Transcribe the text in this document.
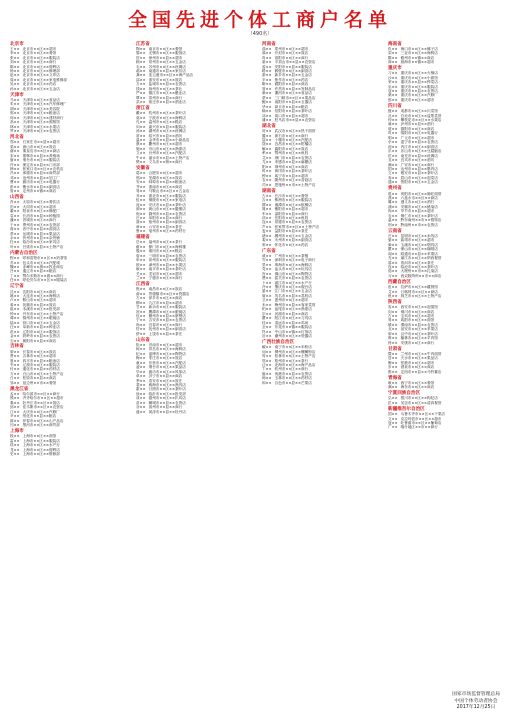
全国先进个体工商户名单
（490名）
北京市
王×× 北京市××区××超市
李×× 北京市××区××餐馆
张×× 北京市××区××服装店
刘×× 北京市××区××商行
陈×× 北京市××区××便利店
杨×× 北京市××区××修理部
赵×× 北京市××区××文印店
周×× 北京市××区××家电维修部
吴×× 北京市××区××药店
孙×× 北京市××区××五金店
天津市
马×× 天津市××区××食品店
朱×× 天津市××区××汽车修理厂
胡×× 天津市××区××美容院
郭×× 天津市××区××粮油店
何×× 天津市××区××建材商行
高×× 天津市××区××照相馆
林×× 天津市××区××水果店
罗×× 天津市××区××农资店
河北省
郑×× 石家庄市××县××超市
梁×× 唐山市××区××饭店
谢×× 秦皇岛市××区××商店
宋×× 邯郸市××县××养殖场
唐×× 邢台市××区××服装店
许×× 保定市××县××门市部
韩×× 张家口市××区××农机店
冯×× 承德市××县××商贸部
邓×× 沧州市××县××加工厂
曹×× 廊坊市××区××电器行
彭×× 衡水市××县××副食店
曾×× 定州市××镇××商店
山西省
肖×× 太原市××区××餐饮店
田×× 大同市××区××超市
董×× 阳泉市××区××修配厂
袁×× 长治市××县××种植园
潘×× 晋城市××区××商行
于×× 朔州市××区××农资部
蒋×× 晋中市××县××面食店
蔡×× 运城市××县××果品店
余×× 忻州市××县××杂货铺
杜×× 临汾市××区××家具店
叶×× 吕梁市××县××土特产店
内蒙古自治区
程×× 呼和浩特市××区××奶茶馆
苏×× 包头市××区××汽配城
魏×× 赤峰市××旗××牧业商店
吕×× 通辽市××县××粮店
丁×× 鄂尔多斯市××旗××商行
任×× 呼伦贝尔市××区××服装店
辽宁省
沈×× 沈阳市××区××商店
姚×× 大连市××区××海鲜店
卢×× 鞍山市××区××超市
姜×× 抚顺市××县××饭店
崔×× 本溪市××区××批发部
钟×× 丹东市××区××土特产店
谭×× 锦州市××区××眼镜店
陆×× 营口市××区××五金店
汪×× 阜新市××县××种业店
范×× 辽阳市××区××服饰店
金×× 铁岭市××县××农资店
石×× 朝阳市××县××商店
吉林省
廖×× 长春市××区××饭店
贾×× 吉林市××区××超市
夏×× 四平市××县××粮油店
韦×× 辽源市××区××服装店
付×× 通化市××县××药材店
方×× 白山市××区××土特产店
白×× 松原市××县××商店
邹×× 延边州××市××餐馆
黑龙江省
孟×× 哈尔滨市××区××商行
熊×× 齐齐哈尔市××区××超市
秦×× 牡丹江市××区××饭店
邱×× 佳木斯市××区××农资店
江×× 大庆市××区××汽修厂
尹×× 绥化市××县××粮店
薛×× 伊春市××区××山产品店
闫×× 黑河市××区××商贸部
上海市
段×× 上海市××区××面馆
雷×× 上海市××区××服装店
侯×× 上海市××区××水产行
龙×× 上海市××区××便利店
史×× 上海市××区××维修部
江苏省
陶×× 南京市××区××餐馆
黎×× 无锡市××区××服饰店
贺×× 徐州市××县××超市
顾×× 常州市××区××五金店
毛×× 苏州市××区××丝绸店
郝×× 南通市××县××家纺店
龚×× 连云港市××区××海产品店
邵×× 淮安市××区××饭店
万×× 盐城市××县××农资店
钱×× 扬州市××区××茶社
严×× 镇江市××区××醋业店
覃×× 泰州市××县××商行
武×× 宿迁市××县××酒业店
浙江省
戴×× 杭州市××区××茶叶店
莫×× 宁波市××区××海鲜店
孔×× 温州市××区××鞋店
向×× 嘉兴市××县××服装店
汤×× 湖州市××区××丝绸店
常×× 绍兴市××县××酒坊
温×× 金华市××县××小商品店
康×× 衢州市××区××超市
施×× 舟山市××区××渔需店
文×× 台州市××区××汽配店
牛×× 丽水市××县××土特产店
樊×× 义乌市××街××商行
安徽省
葛×× 合肥市××区××超市
邢×× 芜湖市××区××饭店
安×× 蚌埠市××县××粮油店
齐×× 淮南市××区××商店
易×× 马鞍山市××区××五金店
乔×× 淮北市××区××服装店
伍×× 铜陵市××区××家电店
庞×× 安庆市××县××茶叶店
颜×× 黄山市××区××徽墨店
倪×× 滁州市××县××农资店
庄×× 阜阳市××县××商行
聂×× 宿州市××县××副食店
章×× 六安市××县××茶庄
鲁×× 亳州市××区××药材行
福建省
岳×× 福州市××区××茶行
翟×× 厦门市××区××海鲜楼
殷×× 莆田市××区××鞋店
詹×× 三明市××县××农资店
申×× 泉州市××区××服装店
欧×× 漳州市××县××水果店
耿×× 南平市××县××茶叶店
关×× 龙岩市××区××超市
兰×× 宁德市××区××商行
江西省
焦×× 南昌市××区××饭店
俞×× 景德镇市××区××瓷器店
左×× 萍乡市××区××商店
柳×× 九江市××县××超市
甘×× 新余市××区××服装店
祝×× 鹰潭市××区××眼镜店
包×× 赣州市××县××脐橙店
宁×× 吉安市××县××农资店
尚×× 宜春市××区××商行
符×× 抚州市××县××副食店
舒×× 上饶市××县××茶庄
山东省
阮×× 济南市××区××超市
柯×× 青岛市××区××海鲜店
纪×× 淄博市××区××陶瓷店
梅×× 枣庄市××区××饭店
童×× 东营市××区××汽配店
凌×× 烟台市××区××果品店
毕×× 潍坊市××区××风筝店
单×× 济宁市××县××商店
季×× 泰安市××区××饭庄
裴×× 威海市××区××渔具店
霍×× 日照市××区××茶叶店
涂×× 临沂市××区××批发部
成×× 德州市××区××扒鸡店
苗×× 聊城市××县××农资店
谷×× 滨州市××县××商行
盛×× 菏泽市××县××牡丹店
河南省
曲×× 郑州市××区××超市
翁×× 开封市××区××饭店
冉×× 洛阳市××区××商行
骆×× 平顶山市××县××农资店
蓝×× 安阳市××县××服装店
路×× 鹤壁市××区××副食店
游×× 新乡市××县××五金店
辛×× 焦作市××区××药店
靳×× 濮阳市××县××商店
管×× 许昌市××县××发制品店
柴×× 漯河市××区××食品店
蒙×× 三门峡市××区××果品店
鲍×× 南阳市××县××玉器店
华×× 商丘市××县××粮店
喻×× 信阳市××县××茶叶店
祁×× 周口市××县××超市
蒲×× 驻马店市××县××农资店
湖北省
房×× 武汉市××区××热干面馆
滕×× 黄石市××区××商行
屈×× 十堰市××区××汽配店
饶×× 宜昌市××区××柑橘店
解×× 襄阳市××区××饭店
牟×× 鄂州市××区××鱼档
艾×× 荆门市××县××农资店
尤×× 孝感市××县××麻糖店
阳×× 荆州市××区××商店
时×× 黄冈市××县××茶叶店
穆×× 咸宁市××县××超市
农×× 随州市××区××香菇店
司×× 恩施州××市××土特产店
湖南省
古×× 长沙市××区××餐馆
吉×× 株洲市××区××服装店
缪×× 湘潭市××区××槟榔店
简×× 衡阳市××县××超市
车×× 邵阳市××县××商行
项×× 岳阳市××区××鱼档
连×× 常德市××县××农资店
芦×× 张家界市××区××土特产店
麦×× 益阳市××县××茶庄
褚×× 郴州市××区××五金店
娄×× 永州市××县××副食店
窦×× 怀化市××区××药店
广东省
戚×× 广州市××区××茶楼
岑×× 深圳市××区××电子商行
景×× 珠海市××区××海鲜店
党×× 汕头市××区××玩具店
宫×× 佛山市××区××陶瓷店
费×× 韶关市××县××农资店
卜×× 湛江市××区××水产行
冷×× 肇庆市××区××砚台店
晏×× 江门市××区××五金店
席×× 茂名市××县××荔枝店
卫×× 惠州市××区××超市
米×× 梅州市××县××客家菜馆
柏×× 汕尾市××区××渔需店
宗×× 河源市××县××商店
瞿×× 阳江市××区××刀具店
桂×× 清远市××县××鸡场
全×× 东莞市××镇××服装店
佟×× 中山市××镇××灯饰店
应×× 潮州市××区××瓷器店
广西壮族自治区
臧×× 南宁市××区××米粉店
闵×× 柳州市××区××螺蛳粉店
苟×× 桂林市××区××土特产店
邬×× 梧州市××区××茶行
边×× 北海市××区××海产品店
卞×× 钦州市××区××商行
姬×× 贵港市××县××农资店
师×× 玉林市××区××药材店
和×× 百色市××县××芒果店
海南省
仇×× 海口市××区××椰子店
栾×× 三亚市××区××海鲜店
隋×× 儋州市××镇××商店
商×× 琼海市××镇××超市
重庆市
刁×× 重庆市××区××火锅店
沙×× 重庆市××区××小面馆
荣×× 重庆市××县××榨菜店
巫×× 重庆市××区××服装店
寇×× 重庆市××县××农资店
桑×× 重庆市××区××汽修厂
郎×× 重庆市××区××超市
四川省
甄×× 成都市××区××川菜馆
丛×× 自贡市××区××盐帮菜馆
仲×× 攀枝花市××区××水果店
虞×× 泸州市××县××酒行
敖×× 德阳市××区××商店
巩×× 绵阳市××区××电器行
明×× 广元市××区××超市
佘×× 遂宁市××县××农资店
池×× 内江市××区××副食店
乐×× 乐山市××区××豆腐脑店
匡×× 南充市××县××丝绸店
戈×× 宜宾市××区××酒坊
满×× 广安市××区××商行
国×× 达州市××县××腊肉店
文×× 雅安市××县××茶叶店
寿×× 眉山市××区××泡菜店
通×× 资阳市××区××五金店
贵州省
扈×× 贵阳市××区××肠旺面馆
燕×× 六盘水市××区××商店
冀×× 遵义市××区××酒行
浦×× 安顺市××区××蜡染店
尚×× 毕节市××县××超市
农×× 铜仁市××区××茶叶店
温×× 黔东南州××市××银饰店
别×× 黔南州××市××农资店
云南省
庄×× 昆明市××区××米线店
晏×× 曲靖市××区××超市
柴×× 玉溪市××区××烟具店
瞿×× 保山市××区××咖啡店
阎×× 昭通市××县××苹果店
充×× 丽江市××区××纳西餐馆
慕×× 普洱市××区××茶庄
连×× 临沧市××区××茶叶店
茹×× 大理州××市××扎染店
习×× 西双版纳州××市××商店
西藏自治区
宦×× 拉萨市××区××藏餐馆
艾×× 日喀则市××区××商店
鱼×× 林芝市××区××土特产店
陕西省
容×× 西安市××区××泡馍馆
向×× 铜川市××区××商店
古×× 宝鸡市××区××超市
易×× 咸阳市××区××面馆
慎×× 渭南市××县××农资店
戈×× 延安市××区××苹果店
廖×× 汉中市××区××茶叶店
庾×× 榆林市××区××羊肉馆
终×× 安康市××区××商行
甘肃省
暨×× 兰州市××区××牛肉面馆
居×× 天水市××区××果品店
衡×× 张掖市××区××超市
步×× 酒泉市××区××商店
都×× 定西市××县××马铃薯店
青海省
耿×× 西宁市××区××餐馆
满×× 海东市××区××商店
宁夏回族自治区
弘×× 银川市××区××枸杞店
匡×× 吴忠市××区××清真餐馆
新疆维吾尔自治区
国×× 乌鲁木齐市××区××干果店
文×× 克拉玛依市××区××超市
寇×× 吐鲁番市××区××葡萄店
广×× 喀什地区××市××商行
国家市场监督管理总局
中国个体劳动者协会
2017年12月25日
